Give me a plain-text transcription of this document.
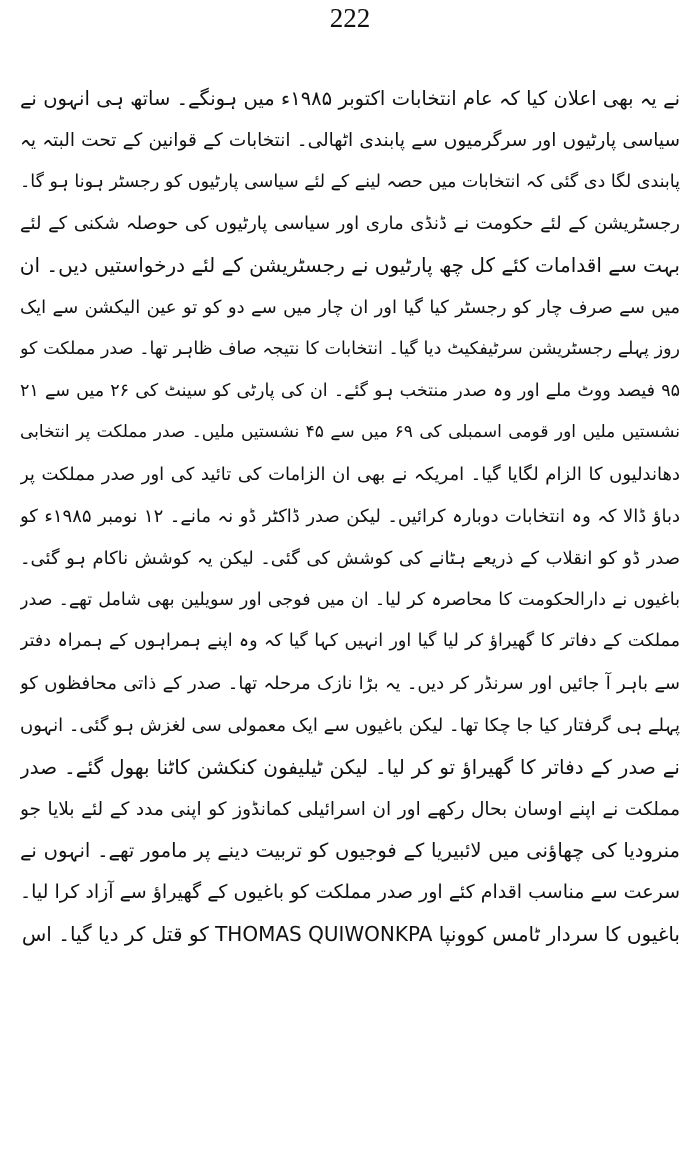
222
نے یہ بھی اعلان کیا کہ عام انتخابات اکتوبر ۱۹۸۵ء میں ہونگے۔ ساتھ ہی انہوں نے
سیاسی پارٹیوں اور سرگرمیوں سے پابندی اٹھالی۔ انتخابات کے قوانین کے تحت البتہ یہ
پابندی لگا دی گئی کہ انتخابات میں حصہ لینے کے لئے سیاسی پارٹیوں کو رجسٹر ہونا ہو گا۔
رجسٹریشن کے لئے حکومت نے ڈنڈی ماری اور سیاسی پارٹیوں کی حوصلہ شکنی کے لئے
بہت سے اقدامات کئے کل چھ پارٹیوں نے رجسٹریشن کے لئے درخواستیں دیں۔ ان
میں سے صرف چار کو رجسٹر کیا گیا اور ان چار میں سے دو کو تو عین الیکشن سے ایک
روز پہلے رجسٹریشن سرٹیفکیٹ دیا گیا۔ انتخابات کا نتیجہ صاف ظاہر تھا۔ صدر مملکت کو
۹۵ فیصد ووٹ ملے اور وہ صدر منتخب ہو گئے۔ ان کی پارٹی کو سینٹ کی ۲۶ میں سے ۲۱
نشستیں ملیں اور قومی اسمبلی کی ۶۹ میں سے ۴۵ نشستیں ملیں۔ صدر مملکت پر انتخابی
دھاندلیوں کا الزام لگایا گیا۔ امریکہ نے بھی ان الزامات کی تائید کی اور صدر مملکت پر
دباؤ ڈالا کہ وہ انتخابات دوبارہ کرائیں۔ لیکن صدر ڈاکٹر ڈو نہ مانے۔ ۱۲ نومبر ۱۹۸۵ء کو
صدر ڈو کو انقلاب کے ذریعے ہٹانے کی کوشش کی گئی۔ لیکن یہ کوشش ناکام ہو گئی۔
باغیوں نے دارالحکومت کا محاصرہ کر لیا۔ ان میں فوجی اور سویلین بھی شامل تھے۔ صدر
مملکت کے دفاتر کا گھیراؤ کر لیا گیا اور انہیں کہا گیا کہ وہ اپنے ہمراہوں کے ہمراہ دفتر
سے باہر آ جائیں اور سرنڈر کر دیں۔ یہ بڑا نازک مرحلہ تھا۔ صدر کے ذاتی محافظوں کو
پہلے ہی گرفتار کیا جا چکا تھا۔ لیکن باغیوں سے ایک معمولی سی لغزش ہو گئی۔ انہوں
نے صدر کے دفاتر کا گھیراؤ تو کر لیا۔ لیکن ٹیلیفون کنکشن کاٹنا بھول گئے۔ صدر
مملکت نے اپنے اوسان بحال رکھے اور ان اسرائیلی کمانڈوز کو اپنی مدد کے لئے بلایا جو
منرودیا کی چھاؤنی میں لائبیریا کے فوجیوں کو تربیت دینے پر مامور تھے۔ انہوں نے
سرعت سے مناسب اقدام کئے اور صدر مملکت کو باغیوں کے گھیراؤ سے آزاد کرا لیا۔
باغیوں کا سردار ٹامس کوونپا THOMAS QUIWONKPA کو قتل کر دیا گیا۔ اس
